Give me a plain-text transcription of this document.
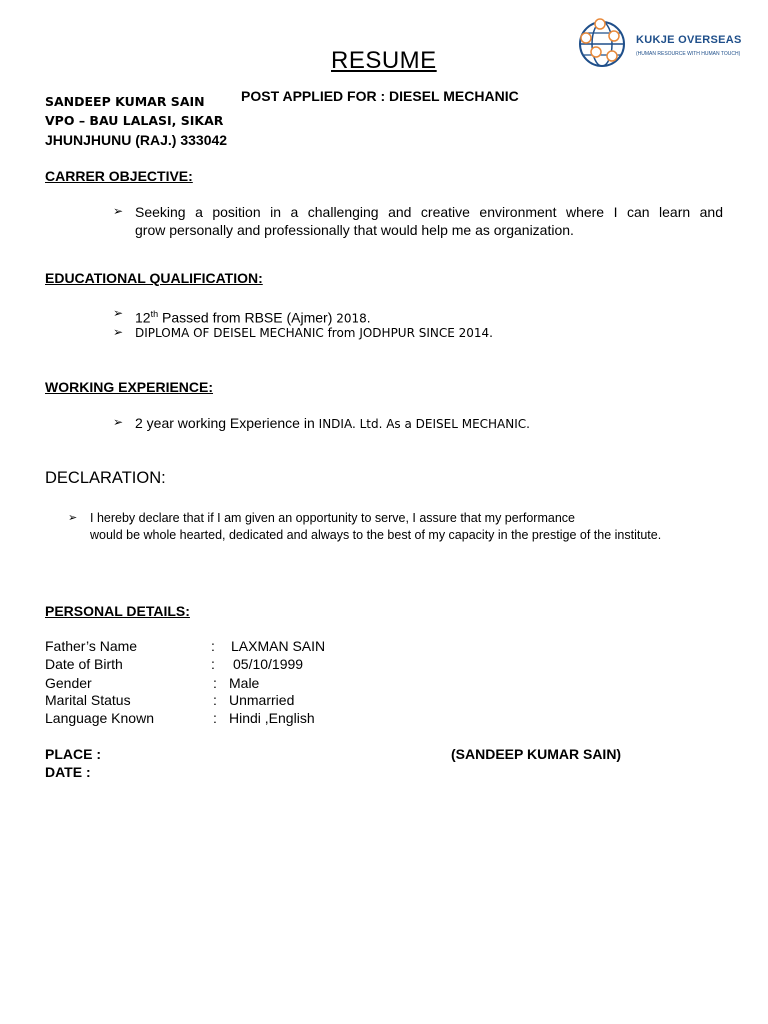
KUKJE OVERSEAS
(HUMAN RESOURCE WITH HUMAN TOUCH)
RESUME
POST APPLIED FOR : DIESEL MECHANIC
SANDEEP KUMAR SAIN
VPO – BAU LALASI, SIKAR
JHUNJHUNU (RAJ.) 333042
CARRER OBJECTIVE:
➢ Seeking a position in a challenging and creative environment where I can learn and
grow personally and professionally that would help me as organization.
EDUCATIONAL QUALIFICATION:
➢ 12th Passed from RBSE (Ajmer) 2018.
➢ DIPLOMA OF DEISEL MECHANIC from JODHPUR SINCE 2014.
WORKING EXPERIENCE:
➢ 2 year working Experience in INDIA. Ltd. As a DEISEL MECHANIC.
DECLARATION:
➢ I hereby declare that if I am given an opportunity to serve, I assure that my performance
would be whole hearted, dedicated and always to the best of my capacity in the prestige of the institute.
PERSONAL DETAILS:
Father’s Name	: LAXMAN SAIN
Date of Birth	: 05/10/1999
Gender	: Male
Marital Status	: Unmarried
Language Known	: Hindi ,English
PLACE :
DATE :
(SANDEEP KUMAR SAIN)
